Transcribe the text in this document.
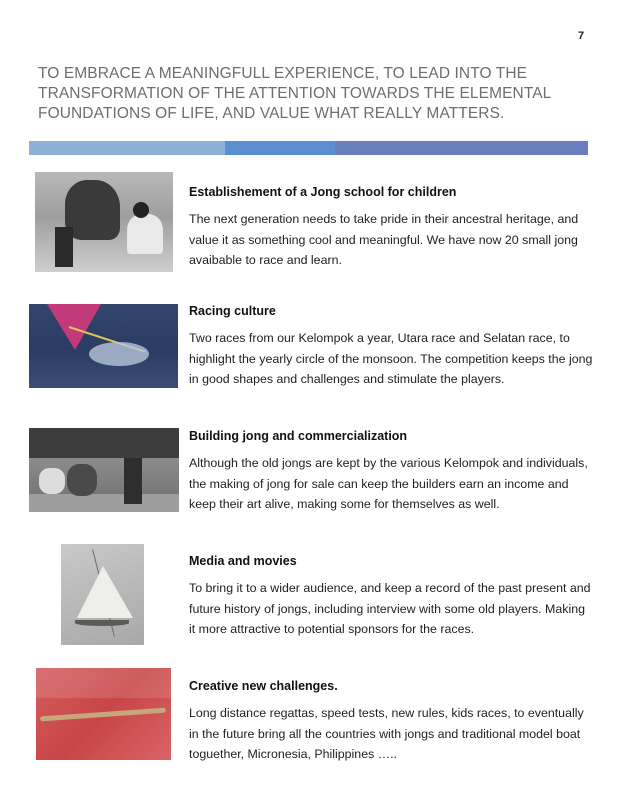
7
TO EMBRACE A MEANINGFULL EXPERIENCE, TO LEAD INTO THE TRANSFORMATION OF THE ATTENTION TOWARDS THE ELEMENTAL FOUNDATIONS OF LIFE, AND VALUE WHAT REALLY MATTERS.
Establishement of a Jong school for children
The next generation needs to take pride in their ancestral heritage, and value it as something cool and meaningful. We have now 20 small jong avaibable to race and learn.
Racing culture
Two races from our Kelompok a year, Utara race and Selatan race, to highlight the yearly circle of the monsoon. The competition keeps the jong in good shapes and challenges and stimulate the players.
Building jong and commercialization
Although the old jongs are kept by the various Kelompok and individuals, the making of jong for sale can keep the builders earn an income and keep their art alive, making some for themselves as well.
Media and movies
To bring it to a wider audience, and keep a record of the past present and future history of jongs, including interview with some old players. Making it more attractive to potential sponsors for the races.
Creative new challenges.
Long distance regattas, speed tests, new rules, kids races, to eventually in the future bring all the countries with jongs and traditional model boat toguether, Micronesia, Philippines …..
